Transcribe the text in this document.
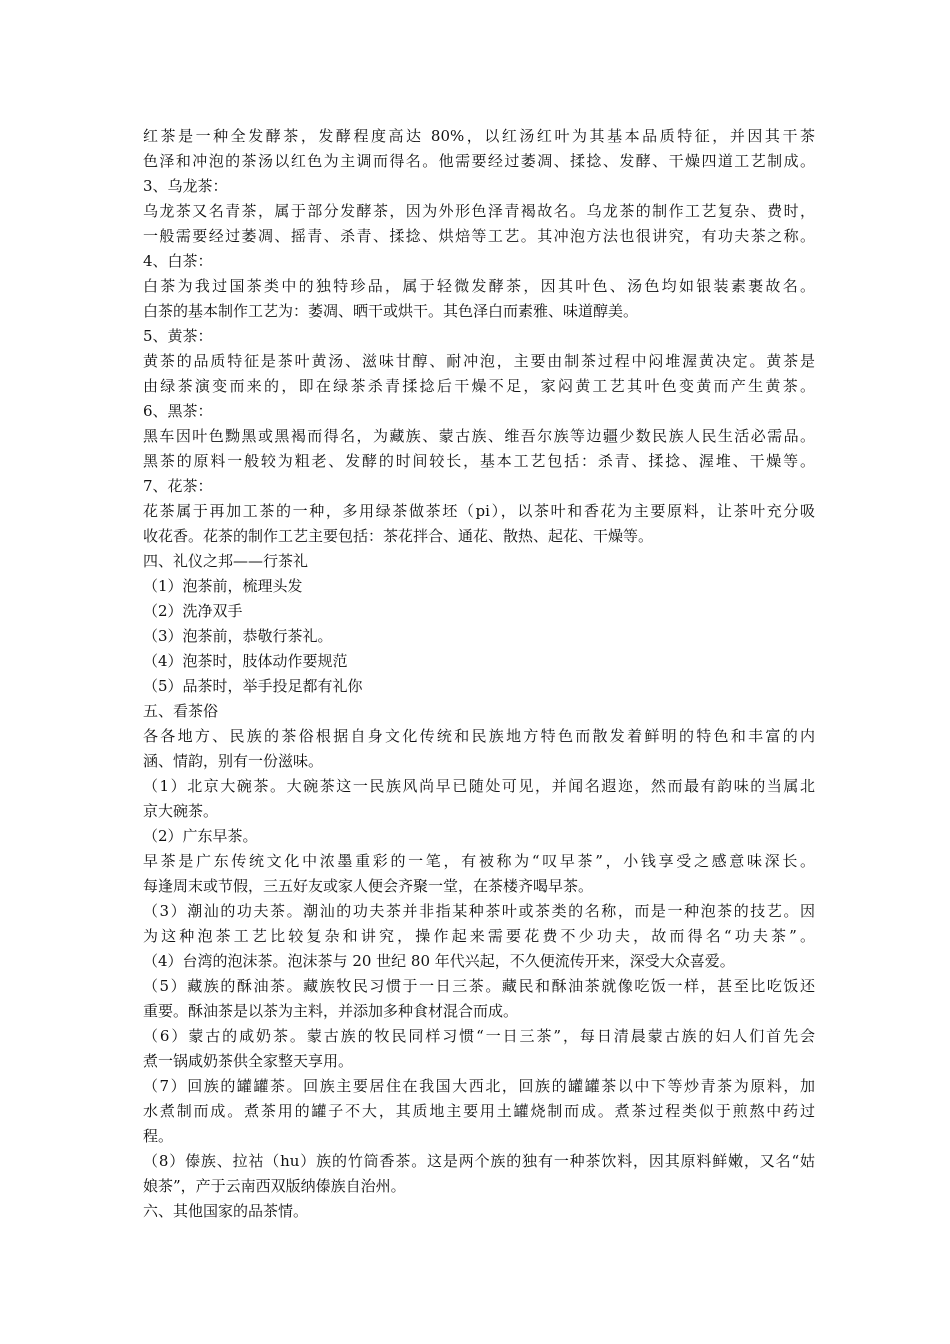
红茶是一种全发酵茶，发酵程度高达 80%，以红汤红叶为其基本品质特征，并因其干茶
色泽和冲泡的茶汤以红色为主调而得名。他需要经过萎凋、揉捻、发酵、干燥四道工艺制成。
3、乌龙茶：
乌龙茶又名青茶，属于部分发酵茶，因为外形色泽青褐故名。乌龙茶的制作工艺复杂、费时，
一般需要经过萎凋、摇青、杀青、揉捻、烘焙等工艺。其冲泡方法也很讲究，有功夫茶之称。
4、白茶：
白茶为我过国茶类中的独特珍品，属于轻微发酵茶，因其叶色、汤色均如银装素裹故名。
白茶的基本制作工艺为：萎凋、晒干或烘干。其色泽白而素雅、味道醇美。
5、黄茶：
黄茶的品质特征是茶叶黄汤、滋味甘醇、耐冲泡，主要由制茶过程中闷堆渥黄决定。黄茶是
由绿茶演变而来的，即在绿茶杀青揉捻后干燥不足，家闷黄工艺其叶色变黄而产生黄茶。
6、黑茶：
黑车因叶色黝黑或黑褐而得名，为藏族、蒙古族、维吾尔族等边疆少数民族人民生活必需品。
黑茶的原料一般较为粗老、发酵的时间较长，基本工艺包括：杀青、揉捻、渥堆、干燥等。
7、花茶：
花茶属于再加工茶的一种，多用绿茶做茶坯（pi），以茶叶和香花为主要原料，让茶叶充分吸
收花香。花茶的制作工艺主要包括：茶花拌合、通花、散热、起花、干燥等。
四、礼仪之邦——行茶礼
（1）泡茶前，梳理头发
（2）洗净双手
（3）泡茶前，恭敬行茶礼。
（4）泡茶时，肢体动作要规范
（5）品茶时，举手投足都有礼你
五、看茶俗
各各地方、民族的茶俗根据自身文化传统和民族地方特色而散发着鲜明的特色和丰富的内
涵、情韵，别有一份滋味。
（1）北京大碗茶。大碗茶这一民族风尚早已随处可见，并闻名遐迩，然而最有韵味的当属北
京大碗茶。
（2）广东早茶。
早茶是广东传统文化中浓墨重彩的一笔，有被称为“叹早茶”，小钱享受之感意味深长。
每逢周末或节假，三五好友或家人便会齐聚一堂，在茶楼齐喝早茶。
（3）潮汕的功夫茶。潮汕的功夫茶并非指某种茶叶或茶类的名称，而是一种泡茶的技艺。因
为这种泡茶工艺比较复杂和讲究，操作起来需要花费不少功夫，故而得名“功夫茶”。
（4）台湾的泡沫茶。泡沫茶与 20 世纪 80 年代兴起，不久便流传开来，深受大众喜爱。
（5）藏族的酥油茶。藏族牧民习惯于一日三茶。藏民和酥油茶就像吃饭一样，甚至比吃饭还
重要。酥油茶是以茶为主料，并添加多种食材混合而成。
（6）蒙古的咸奶茶。蒙古族的牧民同样习惯“一日三茶”，每日清晨蒙古族的妇人们首先会
煮一锅咸奶茶供全家整天享用。
（7）回族的罐罐茶。回族主要居住在我国大西北，回族的罐罐茶以中下等炒青茶为原料，加
水煮制而成。煮茶用的罐子不大，其质地主要用土罐烧制而成。煮茶过程类似于煎熬中药过
程。
（8）傣族、拉祜（hu）族的竹筒香茶。这是两个族的独有一种茶饮料，因其原料鲜嫩，又名“姑
娘茶”，产于云南西双版纳傣族自治州。
六、其他国家的品茶情。
